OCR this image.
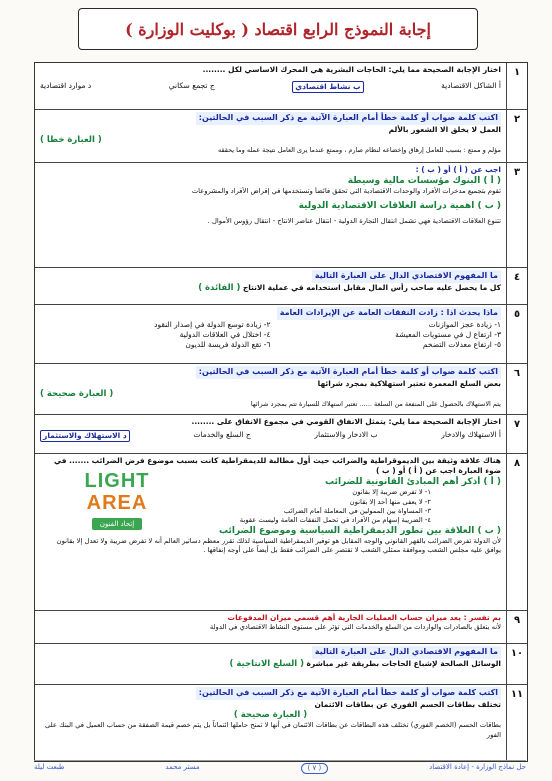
إجابة النموذج الرابع اقتصاد ( بوكليت الوزارة )
١
اختار الإجابة الصحيحة مما يلي: الحاجات البشرية هي المحرك الاساسي لكل ........
أ الشاكل الاقتصادية
ب نشاط اقتصادي
ج تجمع سكاني
د موارد اقتصادية
٢
اكتب كلمة صواب أو كلمة خطأ أمام العبارة الآتية مع ذكر السبب في الحالتين:
العمل لا يخلق الا الشعور بالألم
( العبارة خطأ )
مؤلم و ممتع : بسبب للعامل إرهاق وإخضاعه لنظام صارم ، وممتع عندما يرى العامل نتيجة عمله وما يحققه
٣
اجب عن ( أ ) أو ( ب ) :
( أ ) البنوك مؤسسات مالية وسيطة
تقوم بتجميع مدخرات الأفراد والوحدات الاقتصادية التي تحقق فائضاً وتستخدمها في إقراض الأفراد والمشروعات
( ب ) اهمية دراسة العلاقات الاقتصادية الدولية
تتنوع العلاقات الاقتصادية فهي تشمل انتقال التجارة الدولية - انتقال عناصر الانتاج - انتقال رؤوس الأموال .
٤
ما المفهوم الاقتصادي الدال على العبارة التالية
كل ما يحصل عليه صاحب رأس المال مقابل استخدامه في عملية الانتاج ( الفائدة )
٥
ماذا يحدث اذا : زادت النفقات العامة عن الإيرادات العامة
١- زيادة عجز الموازنات
٢- زيادة توسع الدولة في إصدار النقود
٣- ارتفاع ل في مستويات المعيشة
٤- اختلال في العلاقات الدولية
٥- ارتفاع معدلات التضخم
٦- تقع الدولة فريسة للديون
٦
اكتب كلمة صواب أو كلمة خطأ أمام العبارة الآتية مع ذكر السبب في الحالتين:
بعض السلع المعمرة تعتبر استهلاكية بمجرد شرائها
( العبارة صحيحة )
يتم الاستهلاك بالحصول على المنفعة من السلعة ...... تعتبر استهلاك للسيارة تتم بمجرد شرائها
٧
اختار الإجابة الصحيحة مما يلي: يتمثل الانفاق القومي في مجموع الانفاق على ........
أ الاستهلاك والادخار
ب الادخار والاستثمار
ج السلع والخدمات
د الاستهلاك والاستثمار
٨
هناك علاقة وثيقة بين الديموقراطية والضرائب حيث أول مطالبة للديمقراطية كانت بسبب موضوع فرض الضرائب ....... في ضوء العبارة اجب عن ( أ ) أو ( ب )
( أ ) أذكر أهم المبادئ القانونية للضرائب
١- لا تفرض ضريبة إلا بقانون
٢- لا يعفى منها أحد إلا بقانون
٣- المساواة بين الممولين في المعاملة أمام الضرائب
٤- الضريبة إسهام من الأفراد في تحمل النفقات العامة وليست عقوبة
( ب ) العلاقة بين تطور الديمقراطية السياسية وموضوع الضرائب
لأن الدولة تفرض الضرائب بالقهر القانوني والوجه المقابل هو توفير الديمقراطية السياسية لذلك تقرر معظم دساتير العالم أنه لا تفرض ضريبة ولا تعدل إلا بقانون يوافق عليه مجلس الشعب وموافقة ممثلي الشعب لا تقتصر على الضرائب فقط بل أيضاً على أوجه إنفاقها .
٩
بم تفسر : يعد ميزان حساب العمليات الجارية أهم قسمي ميزان المدفوعات
لأنه يتعلق بالصادرات والواردات من السلع والخدمات التي تؤثر على مستوى النشاط الاقتصادي في الدولة
١٠
ما المفهوم الاقتصادي الدال على العبارة التالية
الوسائل الصالحة لإشباع الحاجات بطريقة غير مباشرة ( السلع الانتاجية )
١١
اكتب كلمة صواب أو كلمة خطأ أمام العبارة الآتية مع ذكر السبب في الحالتين:
تختلف بطاقات الحسم الفوري عن بطاقات الائتمان
( العبارة صحيحة )
بطاقات الحسم (الخصم الفوري) تختلف هذه البطاقات عن بطاقات الائتمان في أنها لا تمنح حاملها ائتماناً بل يتم خصم قيمة الصفقة من حساب العميل في البنك على الفور
LIGHT
AREA
إتحاد الفنون
حل نماذج الوزارة - إعادة الاقتصاد
( ٧ )
مستر محمد
طبعت ليلة
